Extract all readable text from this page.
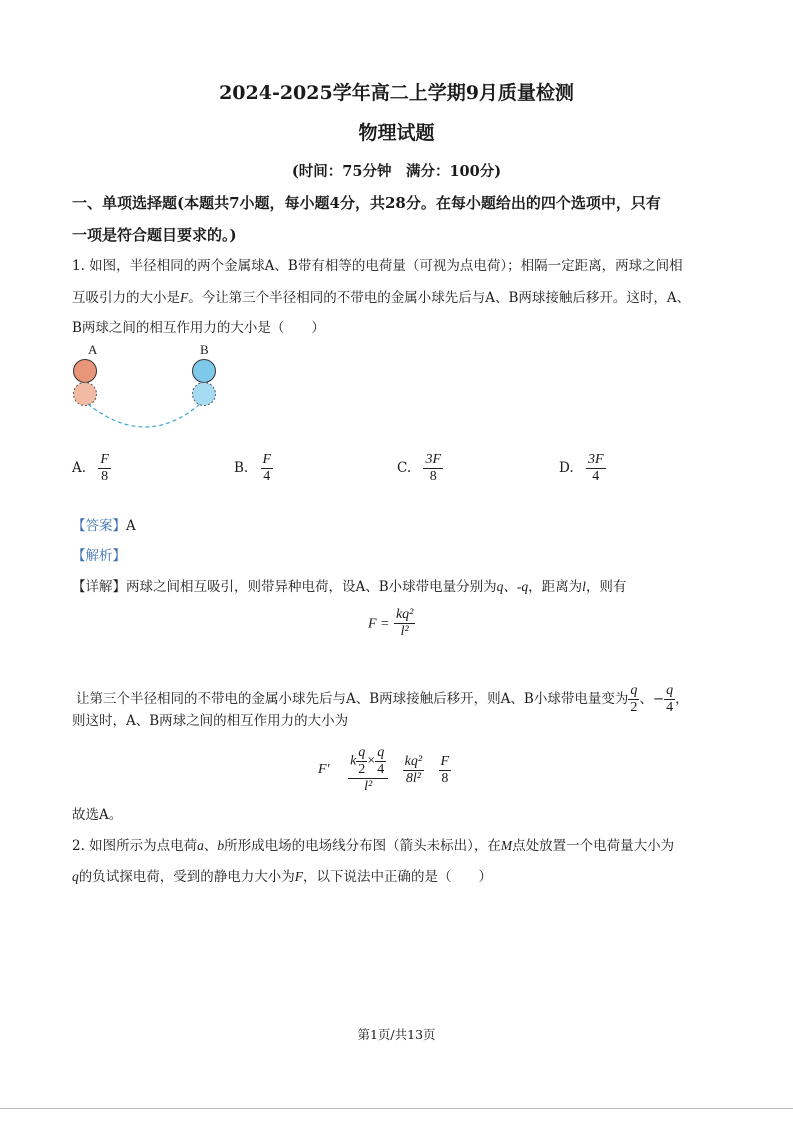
2024-2025学年高二上学期9月质量检测
物理试题
(时间：75分钟　满分：100分)
一、单项选择题(本题共7小题，每小题4分，共28分。在每小题给出的四个选项中，只有
一项是符合题目要求的。)
1. 如图，半径相同的两个金属球A、B带有相等的电荷量（可视为点电荷）；相隔一定距离，两球之间相
互吸引力的大小是F。今让第三个半径相同的不带电的金属小球先后与A、B两球接触后移开。这时，A、
B两球之间的相互作用力的大小是（　　）
A	B
A. $\frac{F}{8}$	B. $\frac{F}{4}$	C. $\frac{3F}{8}$	D. $\frac{3F}{4}$
【答案】A
【解析】
【详解】两球之间相互吸引，则带异种电荷，设A、B小球带电量分别为q、-q，距离为l，则有
$F = \frac{\text{kq²}}{\text{l²}}$
让第三个半径相同的不带电的金属小球先后与A、B两球接触后移开，则A、B小球带电量变为 $\frac{q}{2}$ 、− $\frac{q}{4}$ ，
则这时，A、B两球之间的相互作用力的大小为
$F' \frac{k \frac{q}{2} \times \frac{q}{4}}{\text{l²}}$
$\frac{\text{kq²}}{\text{8l²}}$
$\frac{F}{8}$
故选A。
2. 如图所示为点电荷a、b所形成电场的电场线分布图（箭头未标出），在M点处放置一个电荷量大小为
q的负试探电荷，受到的静电力大小为F，以下说法中正确的是（　　）
第1页/共13页
